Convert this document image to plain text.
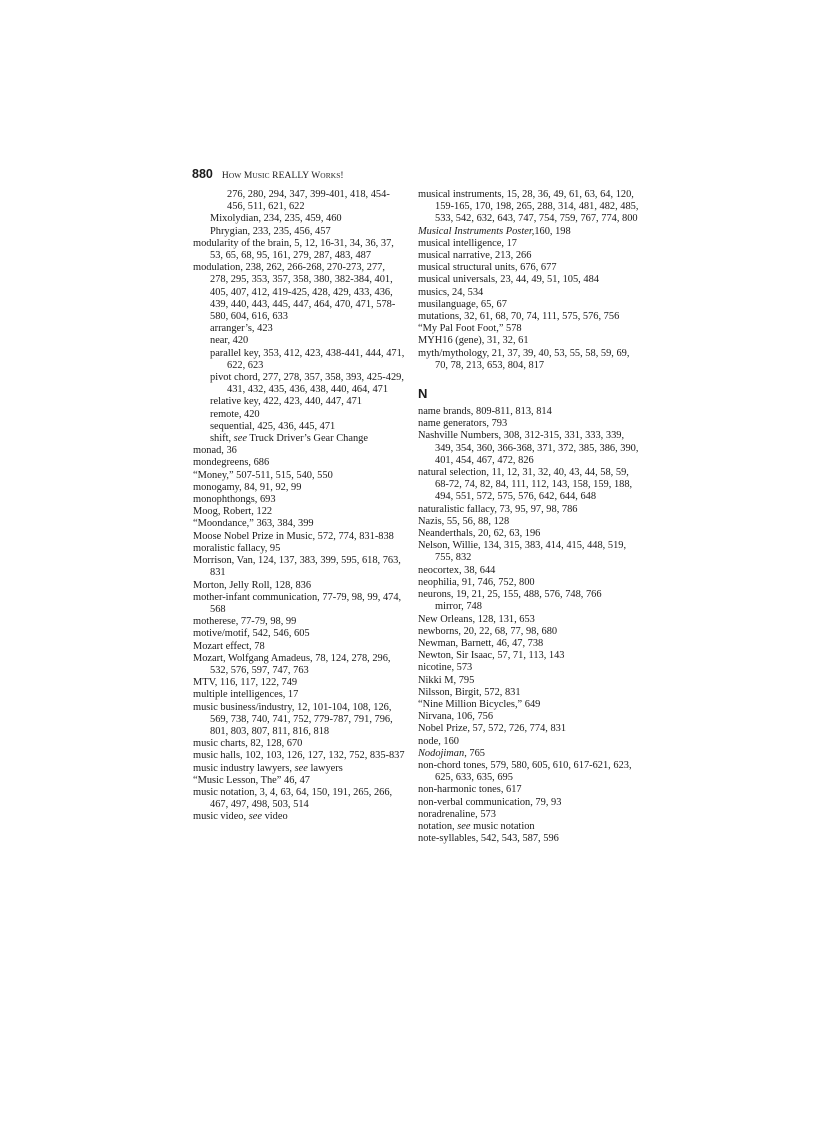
880 HOW MUSIC REALLY WORKS!

276, 280, 294, 347, 399-401, 418, 454-456, 511, 621, 622

Mixolydian, 234, 235, 459, 460

Phrygian, 233, 235, 456, 457

modularity of the brain, 5, 12, 16-31, 34, 36, 37, 53, 65, 68, 95, 161, 279, 287, 483, 487

modulation, 238, 262, 266-268, 270-273, 277, 278, 295, 353, 357, 358, 380, 382-384, 401, 405, 407, 412, 419-425, 428, 429, 433, 436, 439, 440, 443, 445, 447, 464, 470, 471, 578-580, 604, 616, 633

arranger’s, 423

near, 420

parallel key, 353, 412, 423, 438-441, 444, 471, 622, 623

pivot chord, 277, 278, 357, 358, 393, 425-429, 431, 432, 435, 436, 438, 440, 464, 471

relative key, 422, 423, 440, 447, 471

remote, 420

sequential, 425, 436, 445, 471

shift, see Truck Driver’s Gear Change

monad, 36

mondegreens, 686

“Money,” 507-511, 515, 540, 550

monogamy, 84, 91, 92, 99

monophthongs, 693

Moog, Robert, 122

“Moondance,” 363, 384, 399

Moose Nobel Prize in Music, 572, 774, 831-838

moralistic fallacy, 95

Morrison, Van, 124, 137, 383, 399, 595, 618, 763, 831

Morton, Jelly Roll, 128, 836

mother-infant communication, 77-79, 98, 99, 474, 568

motherese, 77-79, 98, 99

motive/motif, 542, 546, 605

Mozart effect, 78

Mozart, Wolfgang Amadeus, 78, 124, 278, 296, 532, 576, 597, 747, 763

MTV, 116, 117, 122, 749

multiple intelligences, 17

music business/industry, 12, 101-104, 108, 126, 569, 738, 740, 741, 752, 779-787, 791, 796, 801, 803, 807, 811, 816, 818

music charts, 82, 128, 670

music halls, 102, 103, 126, 127, 132, 752, 835-837

music industry lawyers, see lawyers

“Music Lesson, The” 46, 47

music notation, 3, 4, 63, 64, 150, 191, 265, 266, 467, 497, 498, 503, 514

music video, see video

musical instruments, 15, 28, 36, 49, 61, 63, 64, 120, 159-165, 170, 198, 265, 288, 314, 481, 482, 485, 533, 542, 632, 643, 747, 754, 759, 767, 774, 800

Musical Instruments Poster,160, 198

musical intelligence, 17

musical narrative, 213, 266

musical structural units, 676, 677

musical universals, 23, 44, 49, 51, 105, 484

musics, 24, 534

musilanguage, 65, 67

mutations, 32, 61, 68, 70, 74, 111, 575, 576, 756

“My Pal Foot Foot,” 578

MYH16 (gene), 31, 32, 61

myth/mythology, 21, 37, 39, 40, 53, 55, 58, 59, 69, 70, 78, 213, 653, 804, 817

N

name brands, 809-811, 813, 814

name generators, 793

Nashville Numbers, 308, 312-315, 331, 333, 339, 349, 354, 360, 366-368, 371, 372, 385, 386, 390, 401, 454, 467, 472, 826

natural selection, 11, 12, 31, 32, 40, 43, 44, 58, 59, 68-72, 74, 82, 84, 111, 112, 143, 158, 159, 188, 494, 551, 572, 575, 576, 642, 644, 648

naturalistic fallacy, 73, 95, 97, 98, 786

Nazis, 55, 56, 88, 128

Neanderthals, 20, 62, 63, 196

Nelson, Willie, 134, 315, 383, 414, 415, 448, 519, 755, 832

neocortex, 38, 644

neophilia, 91, 746, 752, 800

neurons, 19, 21, 25, 155, 488, 576, 748, 766

mirror, 748

New Orleans, 128, 131, 653

newborns, 20, 22, 68, 77, 98, 680

Newman, Barnett, 46, 47, 738

Newton, Sir Isaac, 57, 71, 113, 143

nicotine, 573

Nikki M, 795

Nilsson, Birgit, 572, 831

“Nine Million Bicycles,” 649

Nirvana, 106, 756

Nobel Prize, 57, 572, 726, 774, 831

node, 160

Nodojiman, 765

non-chord tones, 579, 580, 605, 610, 617-621, 623, 625, 633, 635, 695

non-harmonic tones, 617

non-verbal communication, 79, 93

noradrenaline, 573

notation, see music notation

note-syllables, 542, 543, 587, 596
